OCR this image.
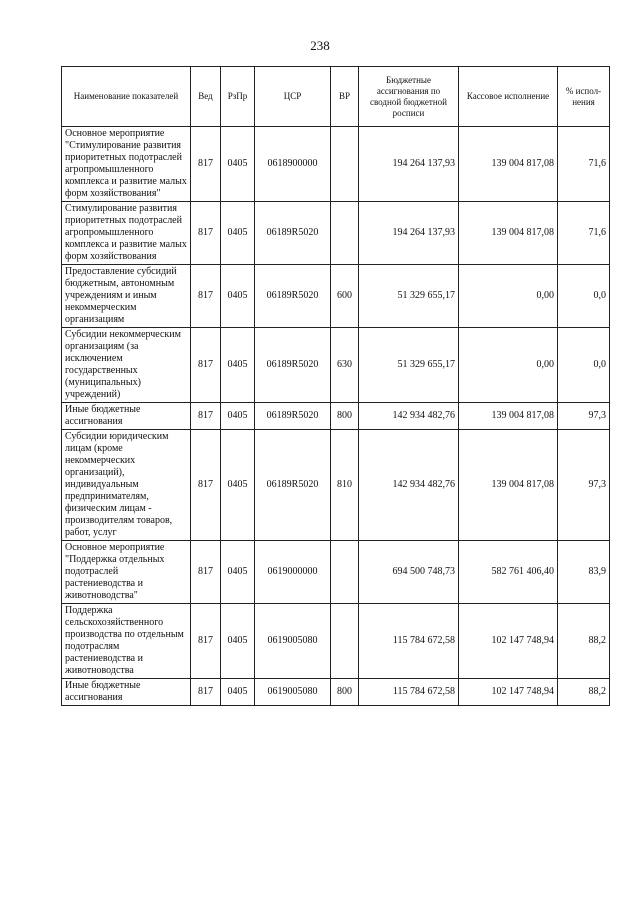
238
Наименование показателей	Вед	РзПр	ЦСР	ВР	Бюджетные ассигнования по сводной бюджетной росписи	Кассовое исполнение	% испол-нения
Основное мероприятие "Стимулирование развития приоритетных подотраслей агропромышленного комплекса и развитие малых форм хозяйствования"	817	0405	0618900000		194 264 137,93	139 004 817,08	71,6
Стимулирование развития приоритетных подотраслей агропромышленного комплекса и развитие малых форм хозяйствования	817	0405	06189R5020		194 264 137,93	139 004 817,08	71,6
Предоставление субсидий бюджетным, автономным учреждениям и иным некоммерческим организациям	817	0405	06189R5020	600	51 329 655,17	0,00	0,0
Субсидии некоммерческим организациям (за исключением государственных (муниципальных) учреждений)	817	0405	06189R5020	630	51 329 655,17	0,00	0,0
Иные бюджетные ассигнования	817	0405	06189R5020	800	142 934 482,76	139 004 817,08	97,3
Субсидии юридическим лицам (кроме некоммерческих организаций), индивидуальным предпринимателям, физическим лицам - производителям товаров, работ, услуг	817	0405	06189R5020	810	142 934 482,76	139 004 817,08	97,3
Основное мероприятие "Поддержка отдельных подотраслей растениеводства и животноводства"	817	0405	0619000000		694 500 748,73	582 761 406,40	83,9
Поддержка сельскохозяйственного производства по отдельным подотраслям растениеводства и животноводства	817	0405	0619005080		115 784 672,58	102 147 748,94	88,2
Иные бюджетные ассигнования	817	0405	0619005080	800	115 784 672,58	102 147 748,94	88,2
